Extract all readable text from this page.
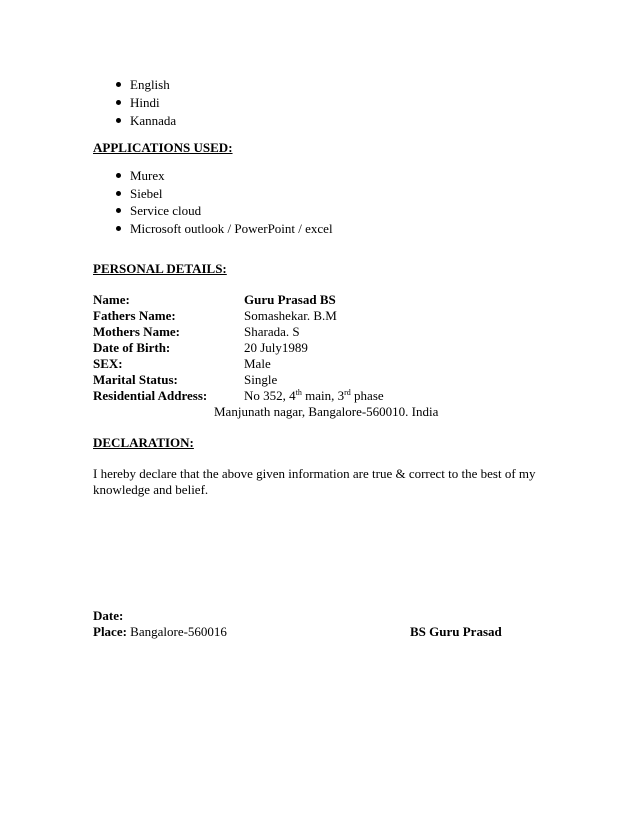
English
Hindi
Kannada
APPLICATIONS USED:
Murex
Siebel
Service cloud
Microsoft outlook / PowerPoint / excel
PERSONAL DETAILS:
Name:	Guru Prasad BS
Fathers Name:	Somashekar. B.M
Mothers Name:	Sharada. S
Date of Birth:	20 July1989
SEX:	Male
Marital Status:	Single
Residential Address:	No 352, 4th main, 3rd phase
Manjunath nagar, Bangalore-560010. India
DECLARATION:
I hereby declare that the above given information are true & correct to the best of my
knowledge and belief.
Date:
Place: Bangalore-560016	BS Guru Prasad
